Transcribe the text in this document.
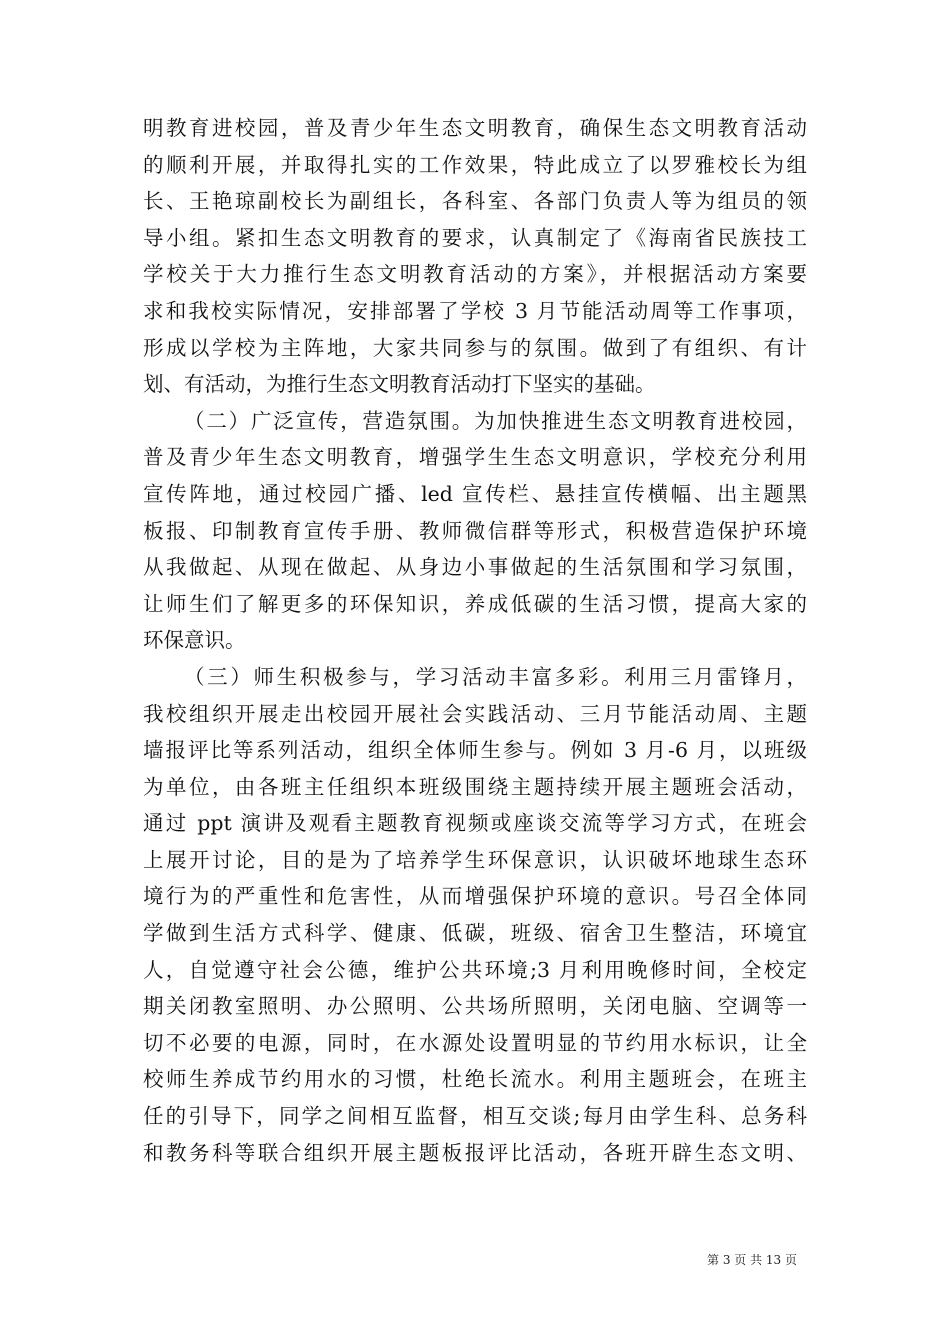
明教育进校园，普及青少年生态文明教育，确保生态文明教育活动
的顺利开展，并取得扎实的工作效果，特此成立了以罗雅校长为组
长、王艳琼副校长为副组长，各科室、各部门负责人等为组员的领
导小组。紧扣生态文明教育的要求，认真制定了《海南省民族技工
学校关于大力推行生态文明教育活动的方案》，并根据活动方案要
求和我校实际情况，安排部署了学校 3 月节能活动周等工作事项，
形成以学校为主阵地，大家共同参与的氛围。做到了有组织、有计
划、有活动，为推行生态文明教育活动打下坚实的基础。
（二）广泛宣传，营造氛围。为加快推进生态文明教育进校园，
普及青少年生态文明教育，增强学生生态文明意识，学校充分利用
宣传阵地，通过校园广播、led 宣传栏、悬挂宣传横幅、出主题黑
板报、印制教育宣传手册、教师微信群等形式，积极营造保护环境
从我做起、从现在做起、从身边小事做起的生活氛围和学习氛围，
让师生们了解更多的环保知识，养成低碳的生活习惯，提高大家的
环保意识。
（三）师生积极参与，学习活动丰富多彩。利用三月雷锋月，
我校组织开展走出校园开展社会实践活动、三月节能活动周、主题
墙报评比等系列活动，组织全体师生参与。例如 3 月-6 月，以班级
为单位，由各班主任组织本班级围绕主题持续开展主题班会活动，
通过 ppt 演讲及观看主题教育视频或座谈交流等学习方式，在班会
上展开讨论，目的是为了培养学生环保意识，认识破坏地球生态环
境行为的严重性和危害性，从而增强保护环境的意识。号召全体同
学做到生活方式科学、健康、低碳，班级、宿舍卫生整洁，环境宜
人，自觉遵守社会公德，维护公共环境;3 月利用晚修时间，全校定
期关闭教室照明、办公照明、公共场所照明，关闭电脑、空调等一
切不必要的电源，同时，在水源处设置明显的节约用水标识，让全
校师生养成节约用水的习惯，杜绝长流水。利用主题班会，在班主
任的引导下，同学之间相互监督，相互交谈;每月由学生科、总务科
和教务科等联合组织开展主题板报评比活动，各班开辟生态文明、
第 3 页 共 13 页
